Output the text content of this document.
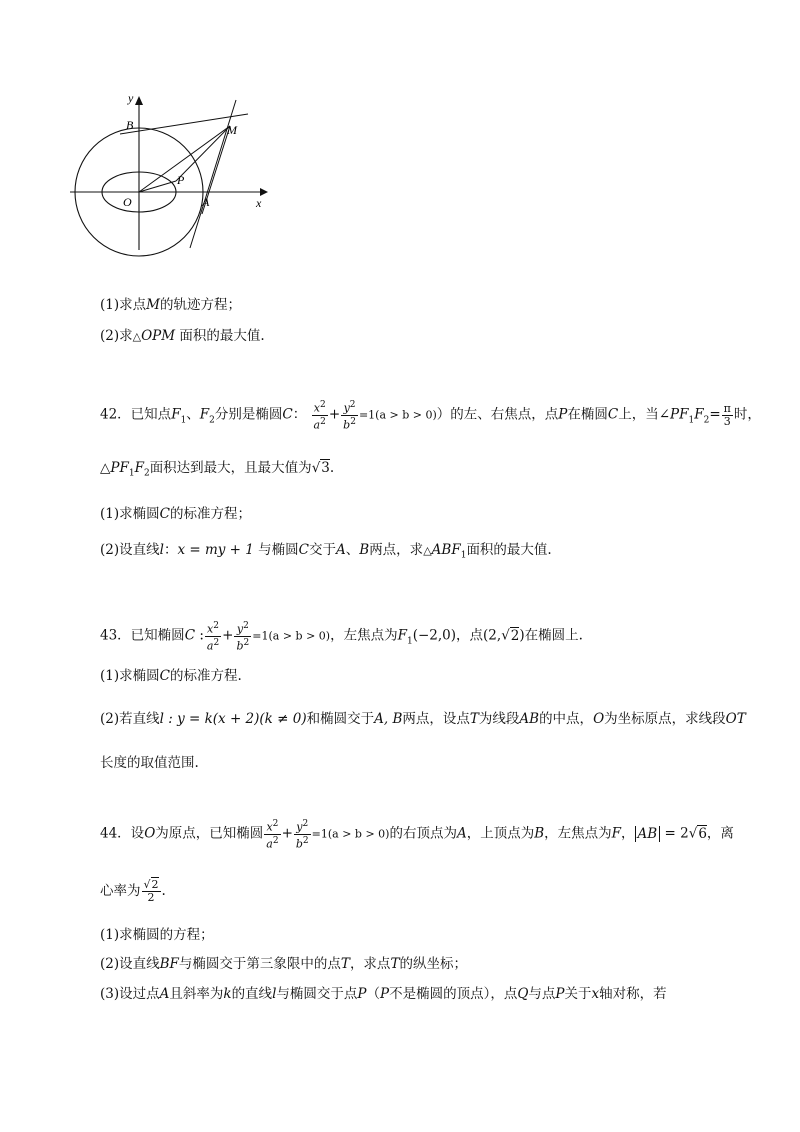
y
B	M
P
O	A	x
(1)求点M的轨迹方程；
(2)求△OPM 面积的最大值.
42．已知点$F_1$、$F_2$分别是椭圆C： $\frac{x^2}{a^2} + \frac{y^2}{b^2} =1(a > b > 0)$）的左、右焦点，点P在椭圆C上，当$\angle PF_1F_2= \frac{\pi}{3}$ 时，
$\triangle PF_1F_2$面积达到最大，且最大值为√3.
(1)求椭圆C的标准方程；
(2)设直线l：x = my + 1 与椭圆C交于A、B两点，求$\triangle ABF_1$面积的最大值.
43．已知椭圆C : $\frac{x^2}{a^2} + \frac{y^2}{b^2} =1(a > b > 0)$，左焦点为$F_1(-2,0)$，点(2,√2)在椭圆上.
(1)求椭圆C的标准方程.
(2)若直线l : y = k(x + 2)(k ≠ 0)和椭圆交于A, B两点，设点T为线段AB的中点，O为坐标原点，求线段OT
长度的取值范围.
44．设O为原点，已知椭圆 $\frac{x^2}{a^2} + \frac{y^2}{b^2} =1(a > b > 0)$的右顶点为A，上顶点为B，左焦点为F， AB = 2√6，离
心率为 $\frac{√2}{2}$ .
(1)求椭圆的方程；
(2)设直线BF与椭圆交于第三象限中的点T，求点T的纵坐标；
(3)设过点A且斜率为k的直线l与椭圆交于点P（P不是椭圆的顶点），点Q与点P关于x轴对称，若
